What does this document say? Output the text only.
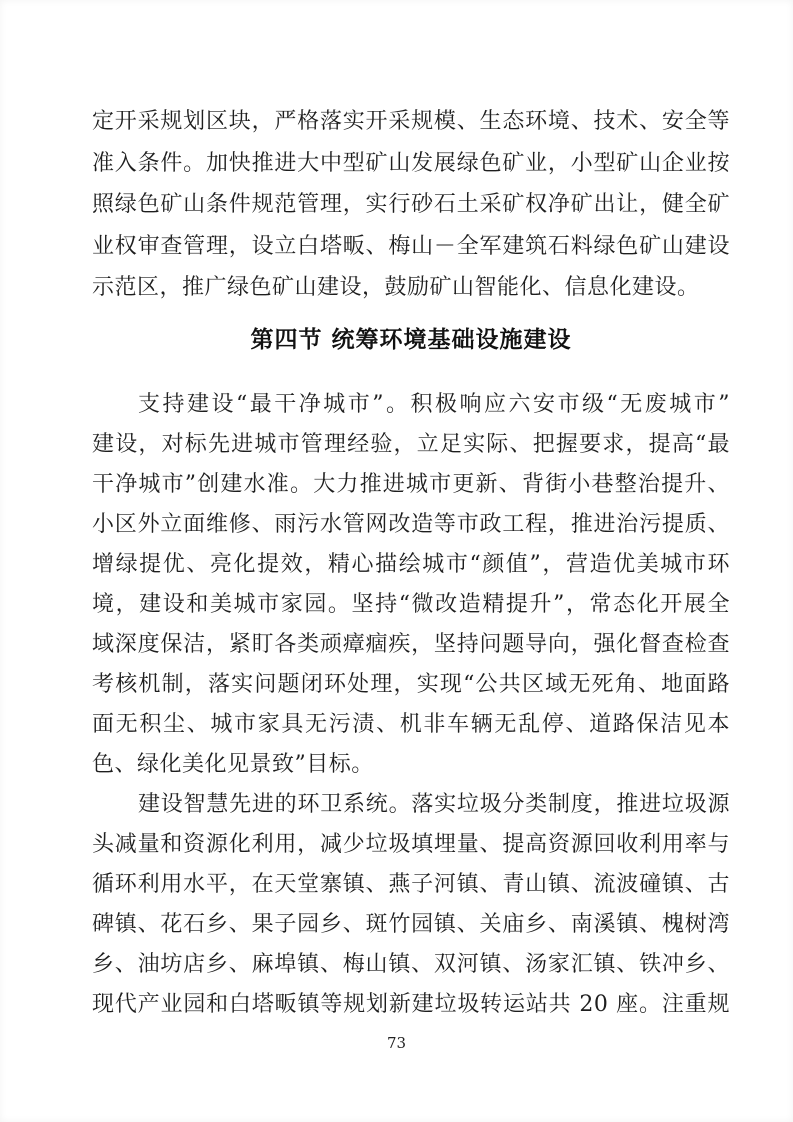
定开采规划区块，严格落实开采规模、生态环境、技术、安全等
准入条件。加快推进大中型矿山发展绿色矿业，小型矿山企业按
照绿色矿山条件规范管理，实行砂石土采矿权净矿出让，健全矿
业权审查管理，设立白塔畈、梅山－全军建筑石料绿色矿山建设
示范区，推广绿色矿山建设，鼓励矿山智能化、信息化建设。
第四节 统筹环境基础设施建设
支持建设“最干净城市”。积极响应六安市级“无废城市”
建设，对标先进城市管理经验，立足实际、把握要求，提高“最
干净城市”创建水准。大力推进城市更新、背街小巷整治提升、
小区外立面维修、雨污水管网改造等市政工程，推进治污提质、
增绿提优、亮化提效，精心描绘城市“颜值”，营造优美城市环
境，建设和美城市家园。坚持“微改造精提升”，常态化开展全
域深度保洁，紧盯各类顽瘴痼疾，坚持问题导向，强化督查检查
考核机制，落实问题闭环处理，实现“公共区域无死角、地面路
面无积尘、城市家具无污渍、机非车辆无乱停、道路保洁见本
色、绿化美化见景致”目标。
建设智慧先进的环卫系统。落实垃圾分类制度，推进垃圾源
头减量和资源化利用，减少垃圾填埋量、提高资源回收利用率与
循环利用水平，在天堂寨镇、燕子河镇、青山镇、流波䃥镇、古
碑镇、花石乡、果子园乡、斑竹园镇、关庙乡、南溪镇、槐树湾
乡、油坊店乡、麻埠镇、梅山镇、双河镇、汤家汇镇、铁冲乡、
现代产业园和白塔畈镇等规划新建垃圾转运站共 20 座。注重规
73
